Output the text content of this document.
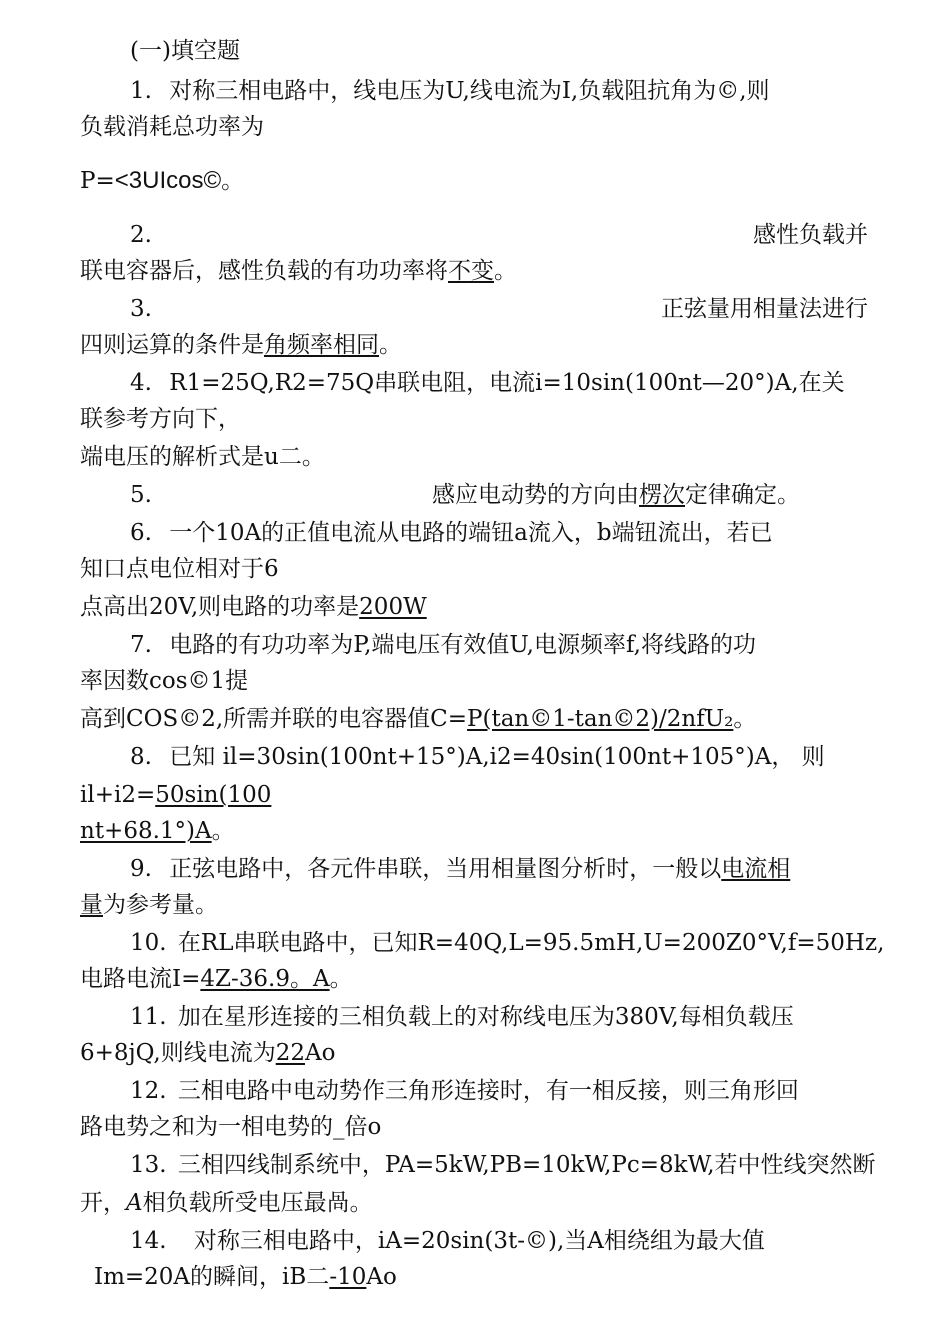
(一)填空题
1. 对称三相电路中，线电压为U,线电流为I,负载阻抗角为©,则
负载消耗总功率为
P=<3UIcos©。
2.	感性负载并
联电容器后，感性负载的有功功率将不变。
3.	正弦量用相量法进行
四则运算的条件是角频率相同。
4. R1=25Q,R2=75Q串联电阻，电流i=10sin(100nt—20°)A,在关
联参考方向下，
端电压的解析式是u二。
5.	感应电动势的方向由楞次定律确定。
6. 一个10A的正值电流从电路的端钮a流入，b端钮流出，若已
知口点电位相对于6
点高出20V,则电路的功率是200W
7. 电路的有功功率为P,端电压有效值U,电源频率f,将线路的功
率因数cos©1提
高到COS©2,所需并联的电容器值C=P(tan©1-tan©2)/2nfU₂。
8. 已知 il=30sin(100nt+15°)A,i2=40sin(100nt+105°)A， 则
il+i2=50sin(100
nt+68.1°)A。
9. 正弦电路中，各元件串联，当用相量图分析时，一般以电流相
量为参考量。
10. 在RL串联电路中，已知R=40Q,L=95.5mH,U=200Z0°V,f=50Hz,
电路电流I=4Z-36.9。A。
11. 加在星形连接的三相负载上的对称线电压为380V,每相负载压
6+8jQ,则线电流为22Ao
12. 三相电路中电动势作三角形连接时，有一相反接，则三角形回
路电势之和为一相电势的_倍o
13. 三相四线制系统中，PA=5kW,PB=10kW,Pc=8kW,若中性线突然断
开，A相负载所受电压最咼。
14. 对称三相电路中，iA=20sin(3t-©),当A相绕组为最大值
Im=20A的瞬间，iB二-10Ao
